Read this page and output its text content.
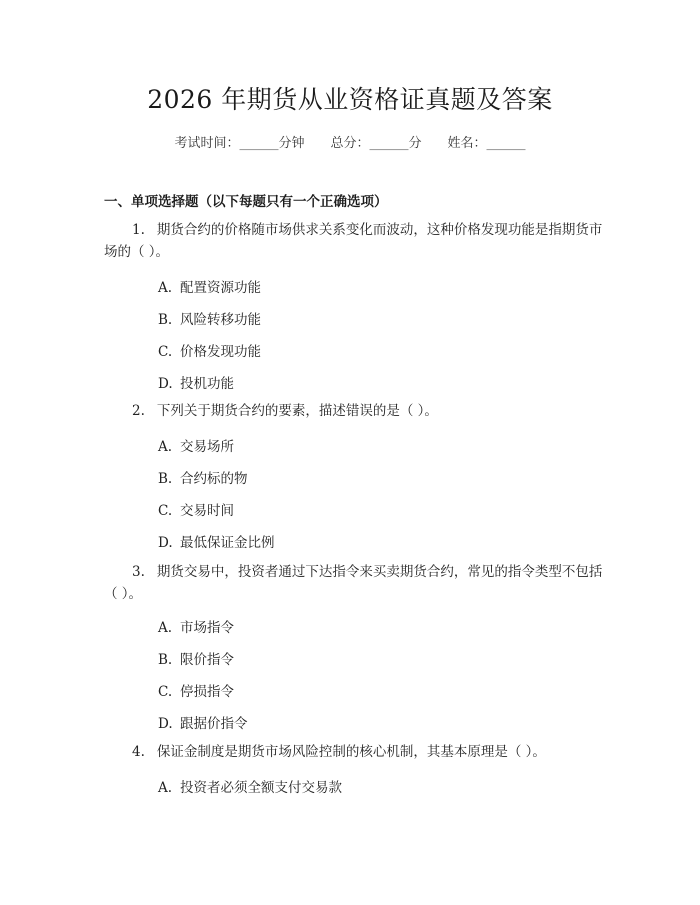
2026 年期货从业资格证真题及答案
考试时间：______分钟 总分：______分 姓名：______
一、单项选择题（以下每题只有一个正确选项）
1. 期货合约的价格随市场供求关系变化而波动，这种价格发现功能是指期货市场的（ ）。
A. 配置资源功能
B. 风险转移功能
C. 价格发现功能
D. 投机功能
2. 下列关于期货合约的要素，描述错误的是（ ）。
A. 交易场所
B. 合约标的物
C. 交易时间
D. 最低保证金比例
3. 期货交易中，投资者通过下达指令来买卖期货合约，常见的指令类型不包括（ ）。
A. 市场指令
B. 限价指令
C. 停损指令
D. 跟据价指令
4. 保证金制度是期货市场风险控制的核心机制，其基本原理是（ ）。
A. 投资者必须全额支付交易款
